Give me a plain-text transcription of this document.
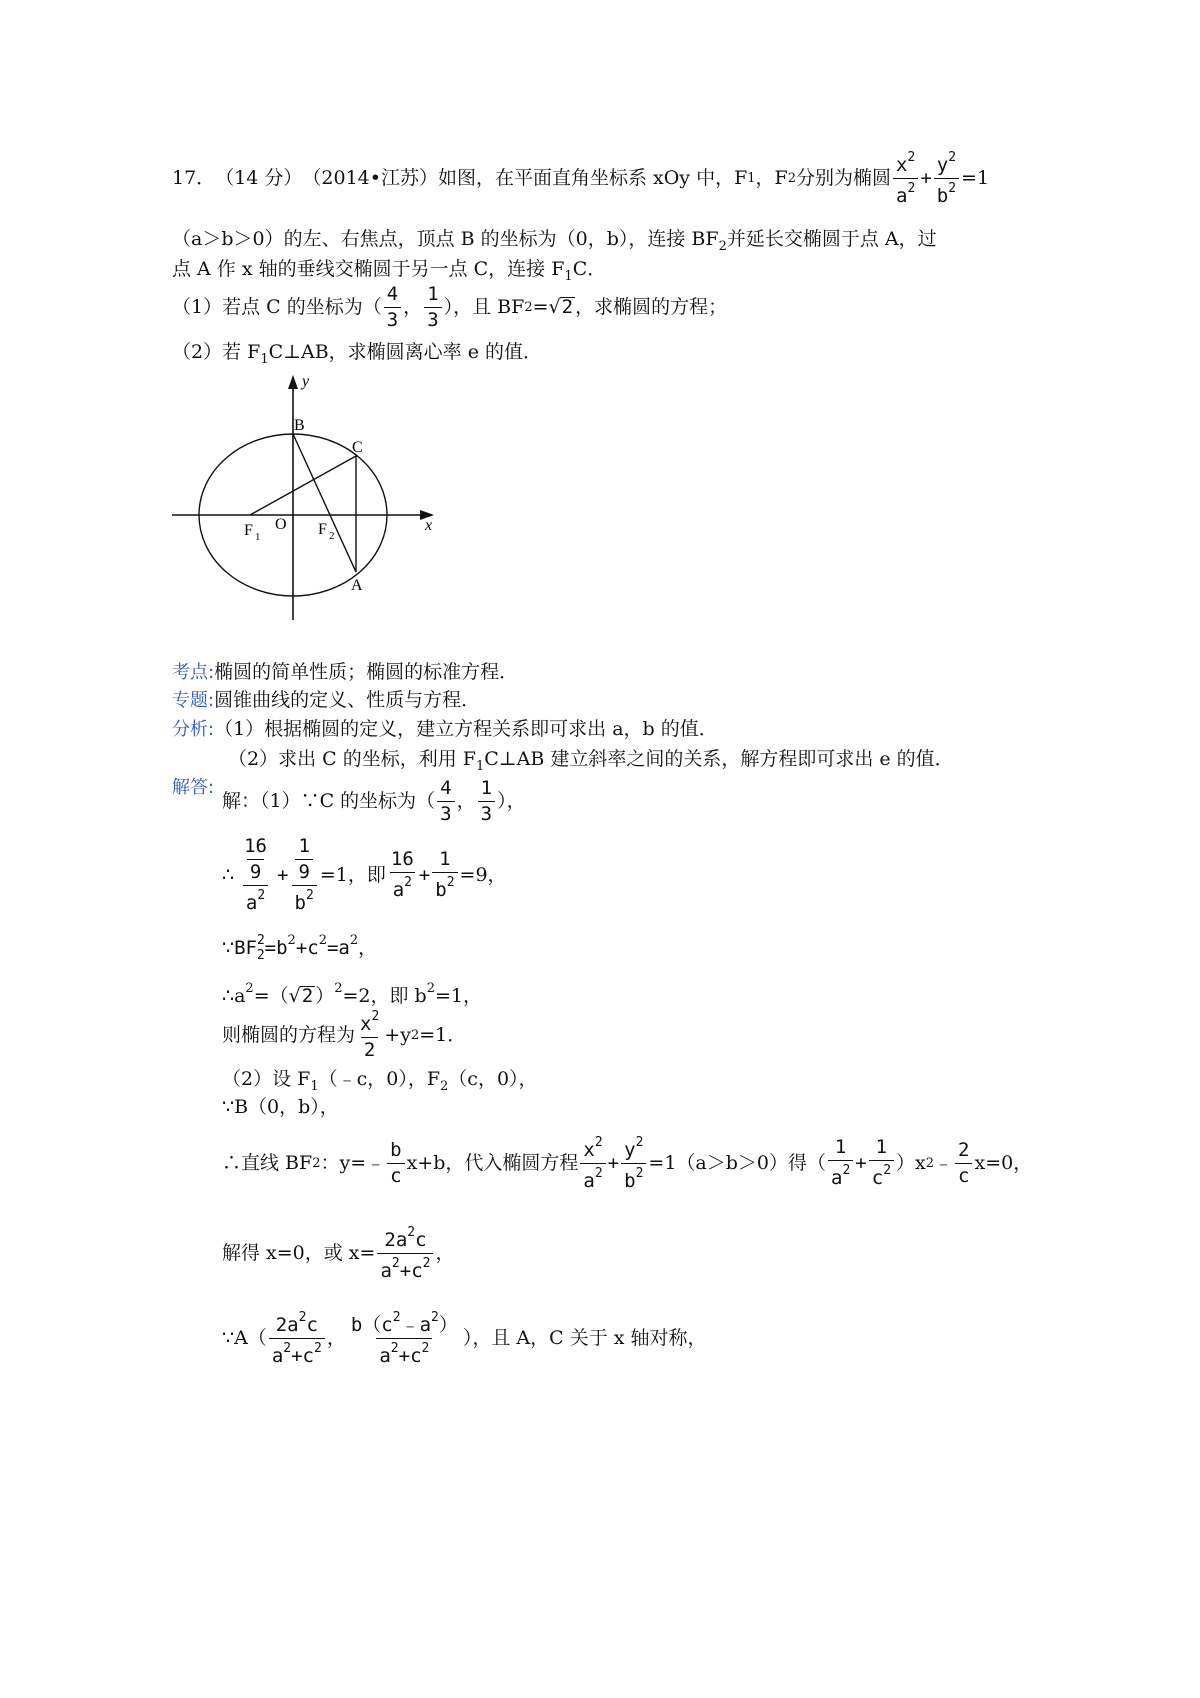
17． （14 分） （2014•江苏） 如图，在平面直角坐标系 xOy 中，F 1 ，F 2 分别为椭圆 $\frac{x^2}{a^2} + \frac{y^2}{b^2} =1$
（a＞b＞0）的左、右焦点，顶点 B 的坐标为（0，b），连接 $BF_2$并延长交椭圆于点 A，过
点 A 作 x 轴的垂线交椭圆于另一点 C，连接 $F_1C$．
（1）若点 C 的坐标为（ $\frac{4}{3}$ ， $\frac{1}{3}$ ），且 BF 2 = √ 2 ，求椭圆的方程；
（2）若 $F_1C\perp AB$，求椭圆离心率 e 的值．
y
x
B
C
A
O
F 1	F 2
考点:椭圆的简单性质；椭圆的标准方程．
专题:圆锥曲线的定义、性质与方程．
分析:（1）根据椭圆的定义，建立方程关系即可求出 a，b 的值．
（2）求出 C 的坐标，利用 $F_1C\perp AB$ 建立斜率之间的关系，解方程即可求出 e 的值．
解答:
解：（1）∵C 的坐标为（ $\frac{4}{3}$ ， $\frac{1}{3}$ ），
∴ $\frac{\frac{16}{9}}{a^2} + \frac{\frac{1}{9}}{b^2} =1$，即 $\frac{16}{a^2} + \frac{1}{b^2} =9$，
$\because BF^2_2=b^2+c^2=a^2$，
$\therefore a^2=(√2$ ）$^2$=2，即 $b^2=1$，
则椭圆的方程为 $\frac{x^2}{2} +y$ 2 =1．
（2）设 $F_1(﹣c$，0），$F_2(c$，0），
∵B（0，b），
∴直线 BF 2 ：y=﹣ $\frac{b}{c} x+b$，代入椭圆方程 $\frac{x^2}{a^2} + \frac{y^2}{b^2} =1(a>b>0)$得（ $\frac{1}{a^2} + \frac{1}{c^2} )x$ 2 ﹣ $\frac{2}{c} x=0$，
解得 x=0，或 $x= \frac{2a^2c}{a^2+c^2}$ ，
∵A（ $\frac{2a^2c}{a^2+c^2}$ ， $\frac{b(c^2﹣a^2)}{a^2+c^2}$ ），且 A，C 关于 x 轴对称，
